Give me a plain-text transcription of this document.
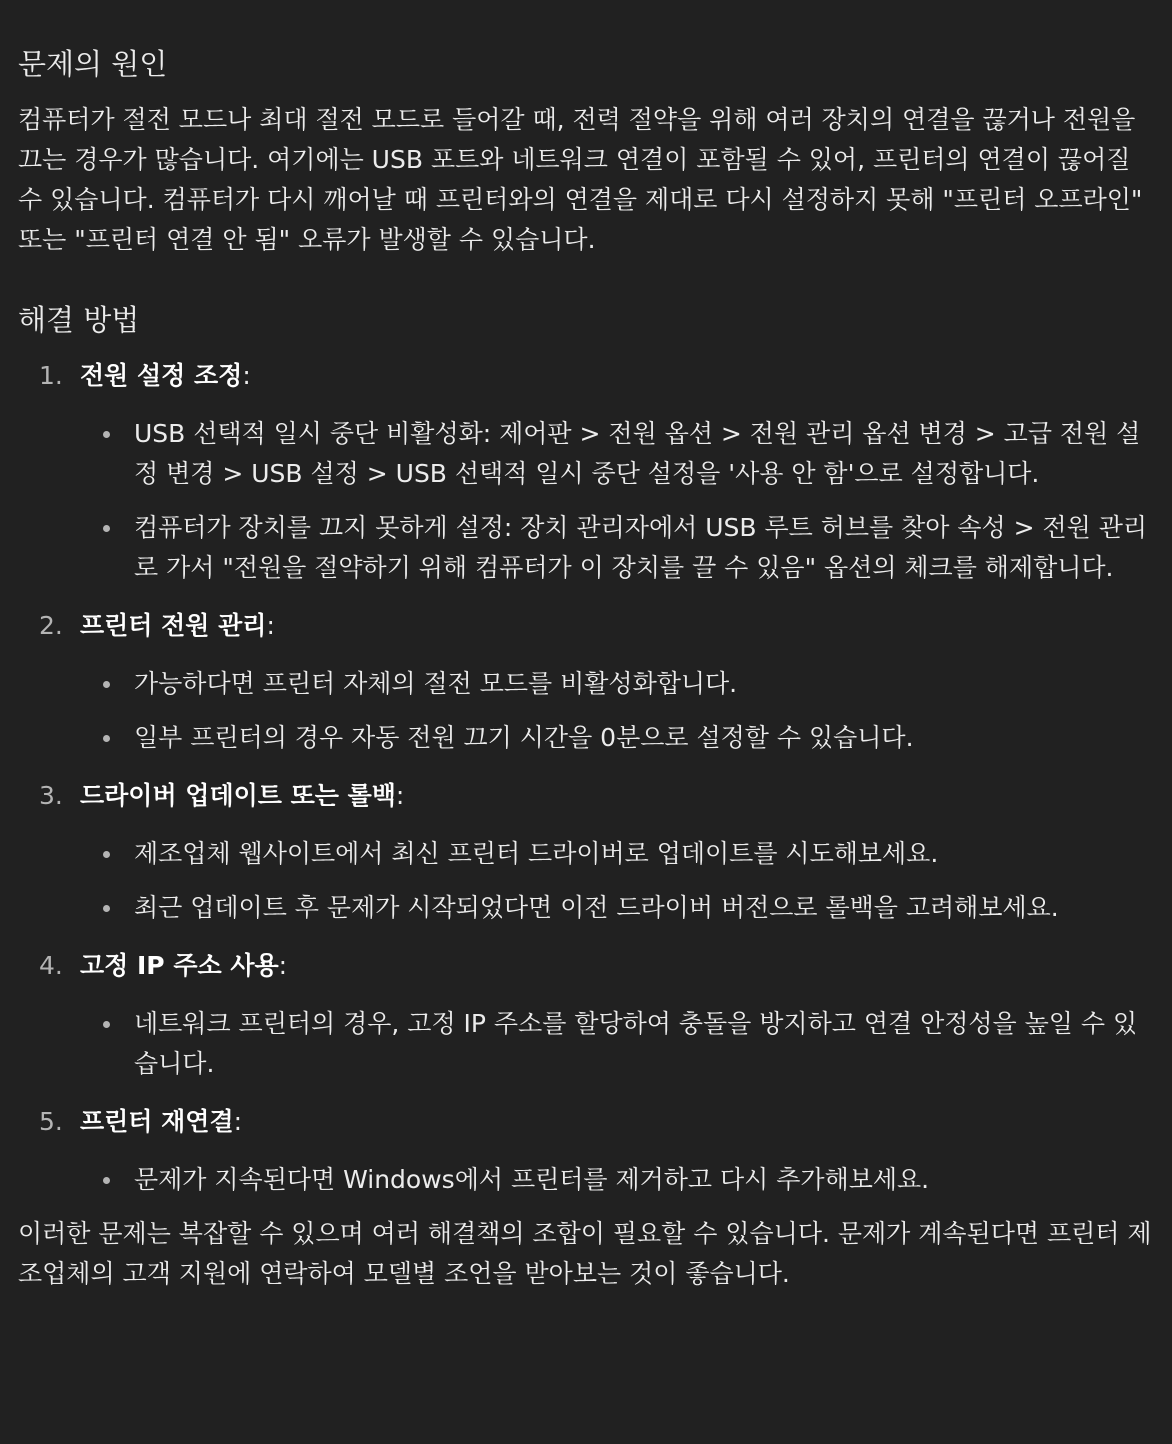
문제의 원인

컴퓨터가 절전 모드나 최대 절전 모드로 들어갈 때, 전력 절약을 위해 여러 장치의 연결을 끊거나 전원을 끄는 경우가 많습니다. 여기에는 USB 포트와 네트워크 연결이 포함될 수 있어, 프린터의 연결이 끊어질 수 있습니다. 컴퓨터가 다시 깨어날 때 프린터와의 연결을 제대로 다시 설정하지 못해 "프린터 오프라인" 또는 "프린터 연결 안 됨" 오류가 발생할 수 있습니다.

해결 방법
1. 전원 설정 조정:
USB 선택적 일시 중단 비활성화: 제어판 > 전원 옵션 > 전원 관리 옵션 변경 > 고급 전원 설정 변경 > USB 설정 > USB 선택적 일시 중단 설정을 '사용 안 함'으로 설정합니다.
컴퓨터가 장치를 끄지 못하게 설정: 장치 관리자에서 USB 루트 허브를 찾아 속성 > 전원 관리로 가서 "전원을 절약하기 위해 컴퓨터가 이 장치를 끌 수 있음" 옵션의 체크를 해제합니다.
2. 프린터 전원 관리:
가능하다면 프린터 자체의 절전 모드를 비활성화합니다.
일부 프린터의 경우 자동 전원 끄기 시간을 0분으로 설정할 수 있습니다.
3. 드라이버 업데이트 또는 롤백:
제조업체 웹사이트에서 최신 프린터 드라이버로 업데이트를 시도해보세요.
최근 업데이트 후 문제가 시작되었다면 이전 드라이버 버전으로 롤백을 고려해보세요.
4. 고정 IP 주소 사용:
네트워크 프린터의 경우, 고정 IP 주소를 할당하여 충돌을 방지하고 연결 안정성을 높일 수 있습니다.
5. 프린터 재연결:
문제가 지속된다면 Windows에서 프린터를 제거하고 다시 추가해보세요.

이러한 문제는 복잡할 수 있으며 여러 해결책의 조합이 필요할 수 있습니다. 문제가 계속된다면 프린터 제조업체의 고객 지원에 연락하여 모델별 조언을 받아보는 것이 좋습니다.
